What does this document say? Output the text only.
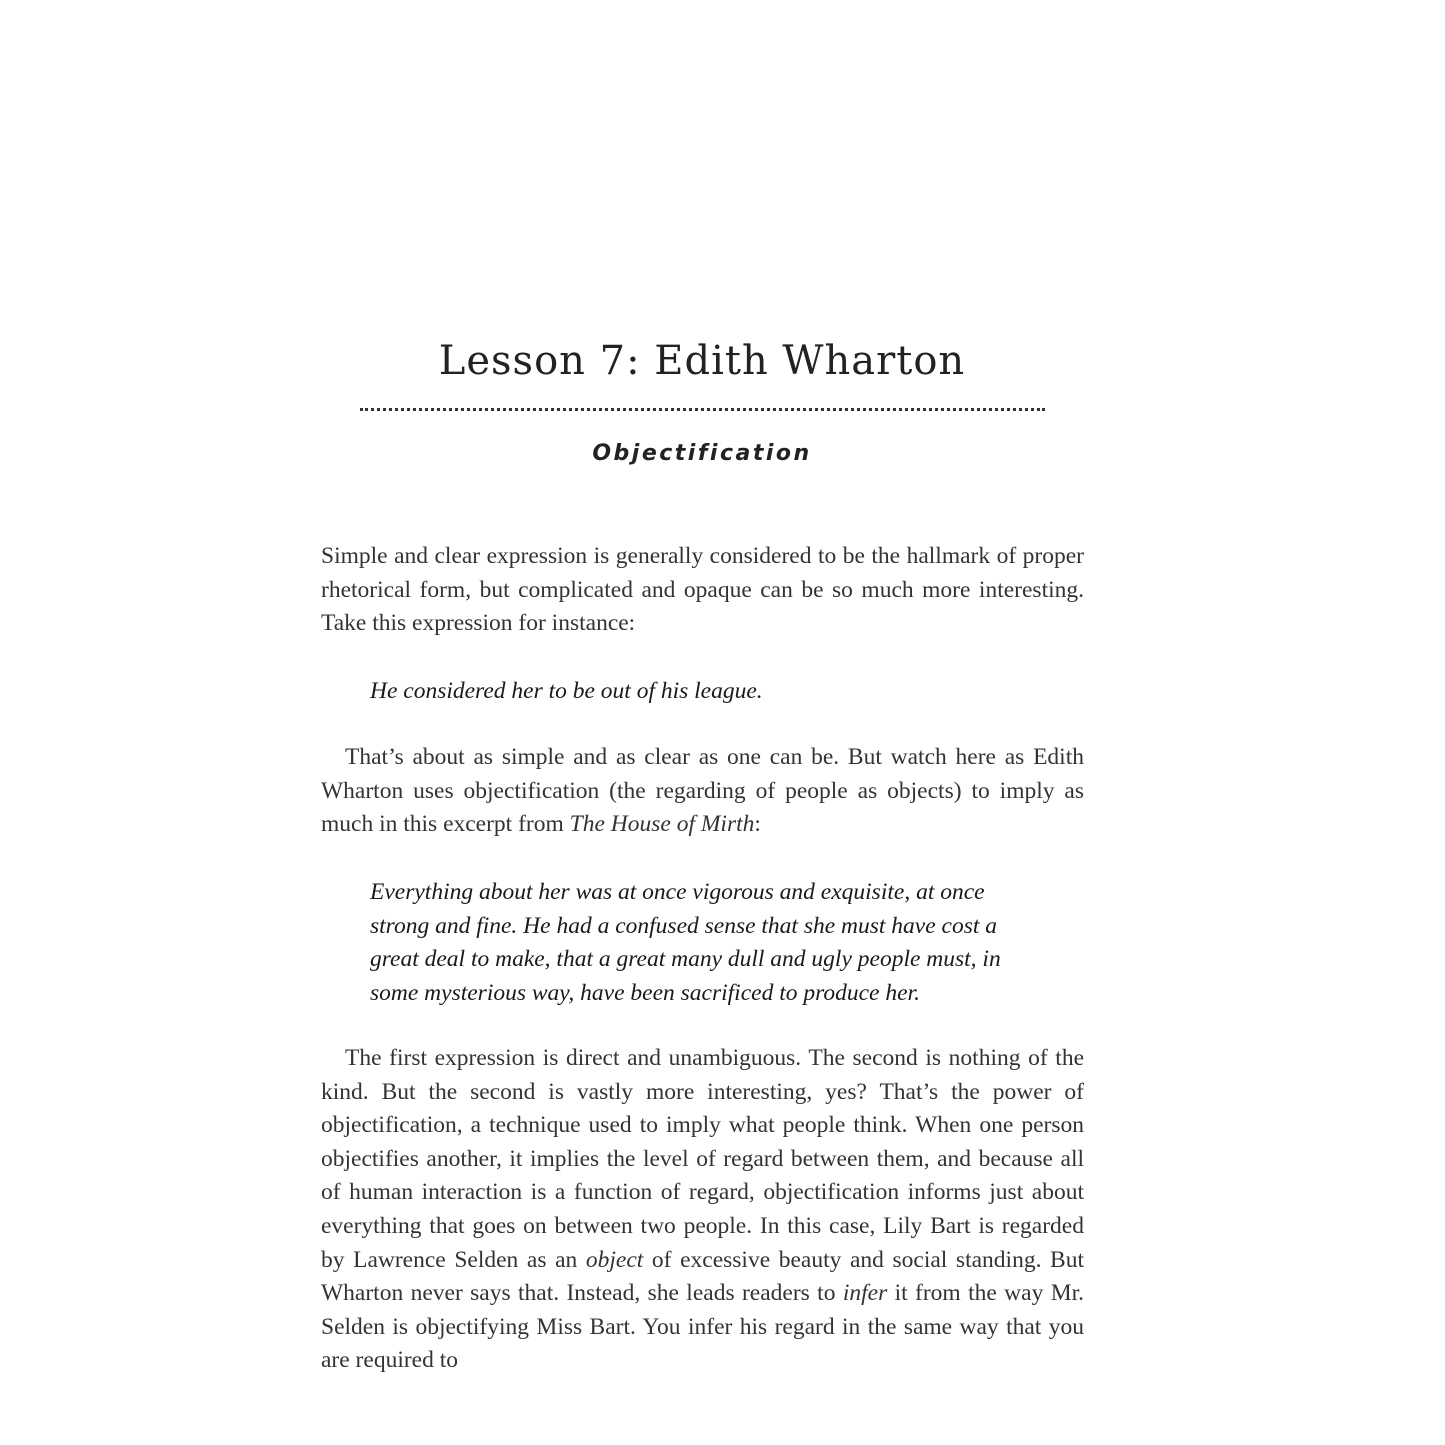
Lesson 7: Edith Wharton
Objectification

Simple and clear expression is generally considered to be the hallmark of proper rhetorical form, but complicated and opaque can be so much more interesting. Take this expression for instance:

He considered her to be out of his league.

That’s about as simple and as clear as one can be. But watch here as Edith Wharton uses objectification (the regarding of people as objects) to imply as much in this excerpt from The House of Mirth:

Everything about her was at once vigorous and exquisite, at once
strong and fine. He had a confused sense that she must have cost a
great deal to make, that a great many dull and ugly people must, in
some mysterious way, have been sacrificed to produce her.

The first expression is direct and unambiguous. The second is nothing of the kind. But the second is vastly more interesting, yes? That’s the power of objectification, a technique used to imply what people think. When one person objectifies another, it implies the level of regard between them, and because all of human interaction is a function of regard, objectification informs just about everything that goes on between two people. In this case, Lily Bart is regarded by Lawrence Selden as an object of excessive beauty and social standing. But Wharton never says that. Instead, she leads readers to infer it from the way Mr. Selden is objectifying Miss Bart. You infer his regard in the same way that you are required to
